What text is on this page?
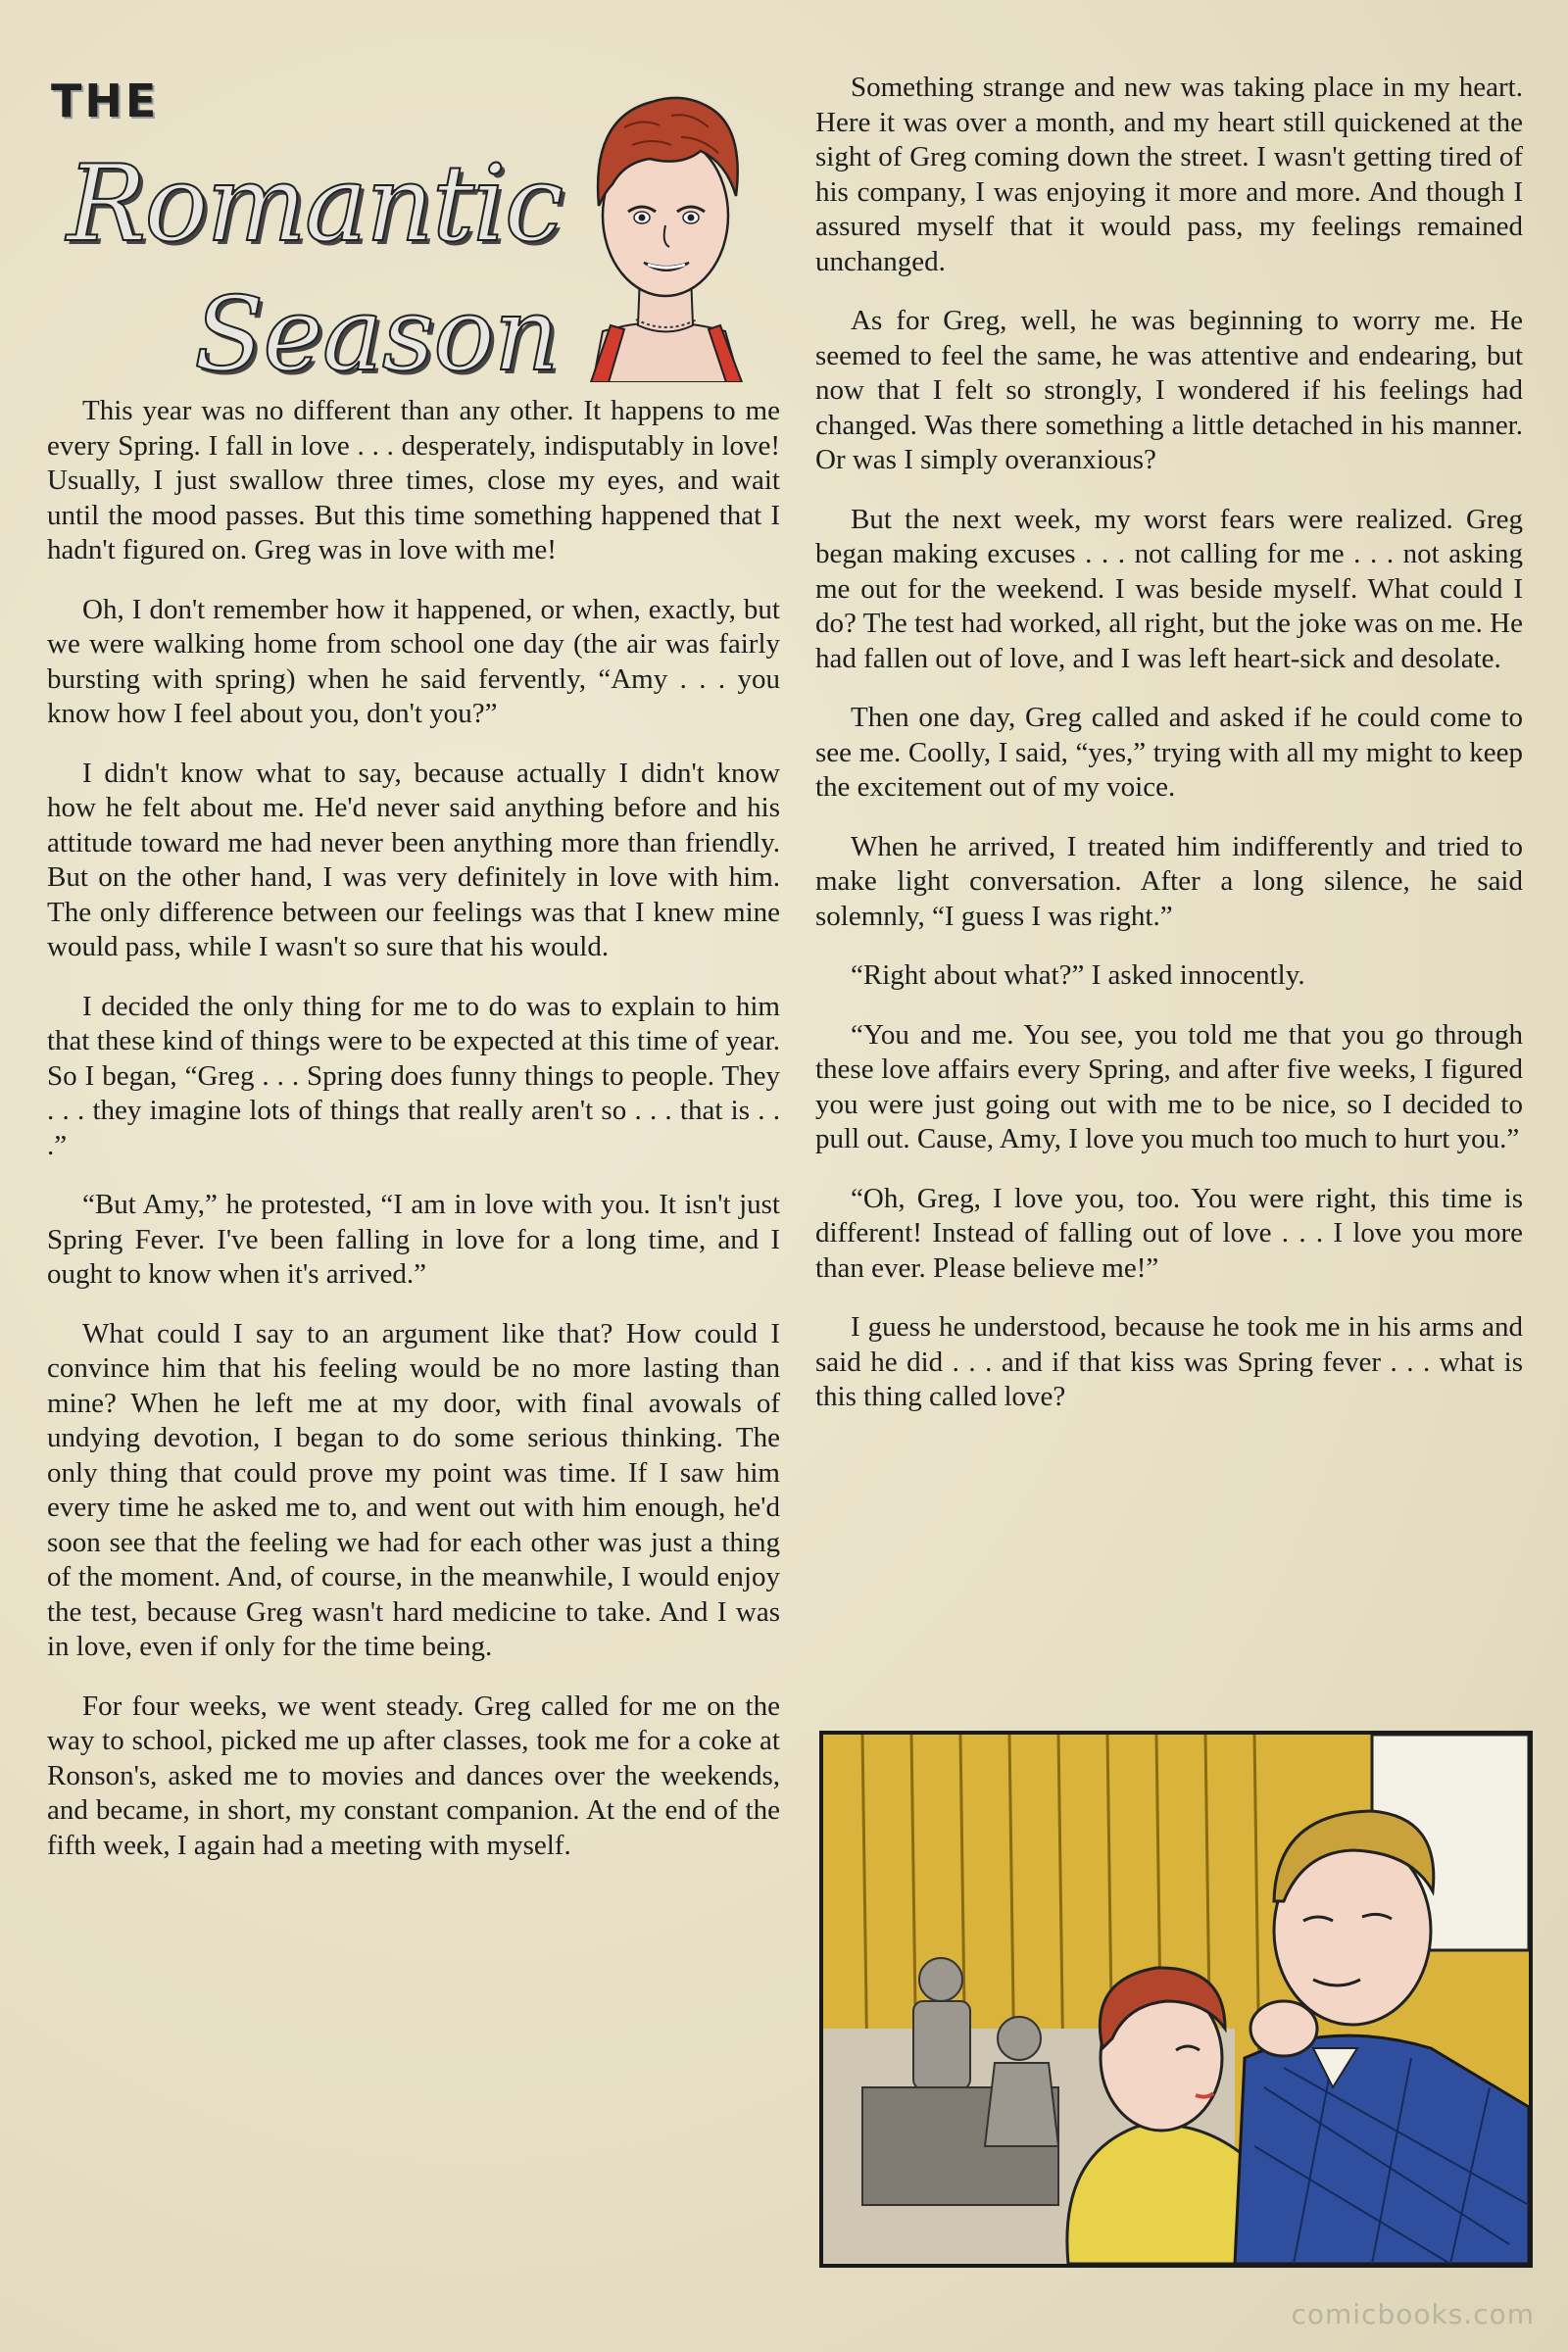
THE
Romantic
Season

This year was no different than any other. It happens to me every Spring. I fall in love . . . desperately, indisputably in love! Usually, I just swallow three times, close my eyes, and wait until the mood passes. But this time something happened that I hadn't figured on. Greg was in love with me!

Oh, I don't remember how it happened, or when, exactly, but we were walking home from school one day (the air was fairly bursting with spring) when he said fervently, “Amy . . . you know how I feel about you, don't you?”

I didn't know what to say, because actually I didn't know how he felt about me. He'd never said anything before and his attitude toward me had never been anything more than friendly. But on the other hand, I was very definitely in love with him. The only difference between our feelings was that I knew mine would pass, while I wasn't so sure that his would.

I decided the only thing for me to do was to explain to him that these kind of things were to be expected at this time of year. So I began, “Greg . . . Spring does funny things to people. They . . . they imagine lots of things that really aren't so . . . that is . . .”

“But Amy,” he protested, “I am in love with you. It isn't just Spring Fever. I've been falling in love for a long time, and I ought to know when it's arrived.”

What could I say to an argument like that? How could I convince him that his feeling would be no more lasting than mine? When he left me at my door, with final avowals of undying devotion, I began to do some serious thinking. The only thing that could prove my point was time. If I saw him every time he asked me to, and went out with him enough, he'd soon see that the feeling we had for each other was just a thing of the moment. And, of course, in the meanwhile, I would enjoy the test, because Greg wasn't hard medicine to take. And I was in love, even if only for the time being.

For four weeks, we went steady. Greg called for me on the way to school, picked me up after classes, took me for a coke at Ronson's, asked me to movies and dances over the weekends, and became, in short, my constant companion. At the end of the fifth week, I again had a meeting with myself.

Something strange and new was taking place in my heart. Here it was over a month, and my heart still quickened at the sight of Greg coming down the street. I wasn't getting tired of his company, I was enjoying it more and more. And though I assured myself that it would pass, my feelings remained unchanged.

As for Greg, well, he was beginning to worry me. He seemed to feel the same, he was attentive and endearing, but now that I felt so strongly, I wondered if his feelings had changed. Was there something a little detached in his manner. Or was I simply overanxious?

But the next week, my worst fears were realized. Greg began making excuses . . . not calling for me . . . not asking me out for the weekend. I was beside myself. What could I do? The test had worked, all right, but the joke was on me. He had fallen out of love, and I was left heart-sick and desolate.

Then one day, Greg called and asked if he could come to see me. Coolly, I said, “yes,” trying with all my might to keep the excitement out of my voice.

When he arrived, I treated him indifferently and tried to make light conversation. After a long silence, he said solemnly, “I guess I was right.”

“Right about what?” I asked innocently.

“You and me. You see, you told me that you go through these love affairs every Spring, and after five weeks, I figured you were just going out with me to be nice, so I decided to pull out. Cause, Amy, I love you much too much to hurt you.”

“Oh, Greg, I love you, too. You were right, this time is different! Instead of falling out of love . . . I love you more than ever. Please believe me!”

I guess he understood, because he took me in his arms and said he did . . . and if that kiss was Spring fever . . . what is this thing called love?

comicbooks.com
